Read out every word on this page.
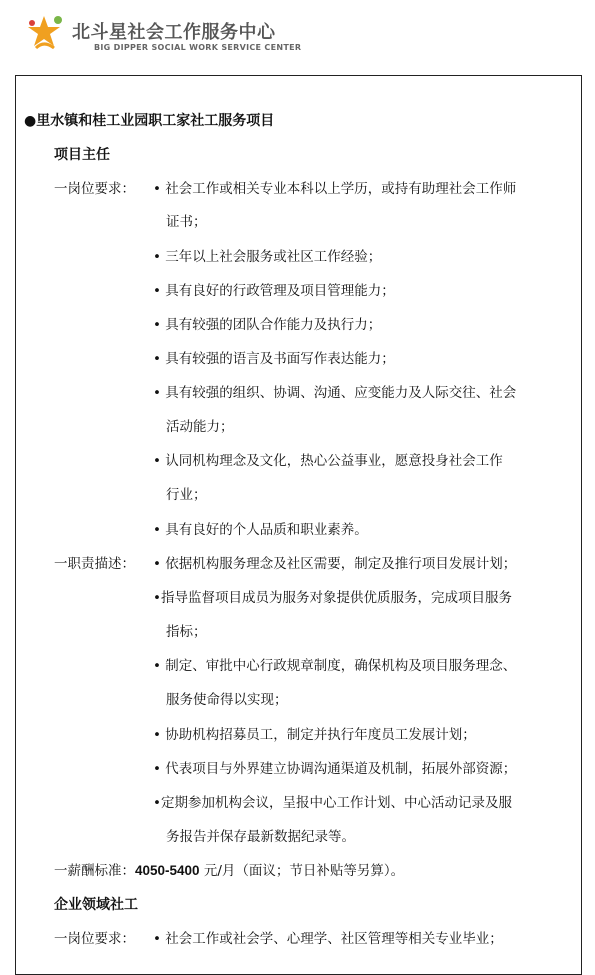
北斗星社会工作服务中心
BIG DIPPER SOCIAL WORK SERVICE CENTER
●里水镇和桂工业园职工家社工服务项目
项目主任
一岗位要求： • 社会工作或相关专业本科以上学历，或持有助理社会工作师
证书；
• 三年以上社会服务或社区工作经验；
• 具有良好的行政管理及项目管理能力；
• 具有较强的团队合作能力及执行力；
• 具有较强的语言及书面写作表达能力；
• 具有较强的组织、协调、沟通、应变能力及人际交往、社会
活动能力；
• 认同机构理念及文化，热心公益事业，愿意投身社会工作
行业；
• 具有良好的个人品质和职业素养。
一职责描述： • 依据机构服务理念及社区需要，制定及推行项目发展计划；
•指导监督项目成员为服务对象提供优质服务，完成项目服务
指标；
• 制定、审批中心行政规章制度，确保机构及项目服务理念、
服务使命得以实现；
• 协助机构招募员工，制定并执行年度员工发展计划；
• 代表项目与外界建立协调沟通渠道及机制，拓展外部资源；
•定期参加机构会议，呈报中心工作计划、中心活动记录及服
务报告并保存最新数据纪录等。
一薪酬标准：4050-5400 元/月（面议；节日补贴等另算）。
企业领域社工
一岗位要求： • 社会工作或社会学、心理学、社区管理等相关专业毕业；
